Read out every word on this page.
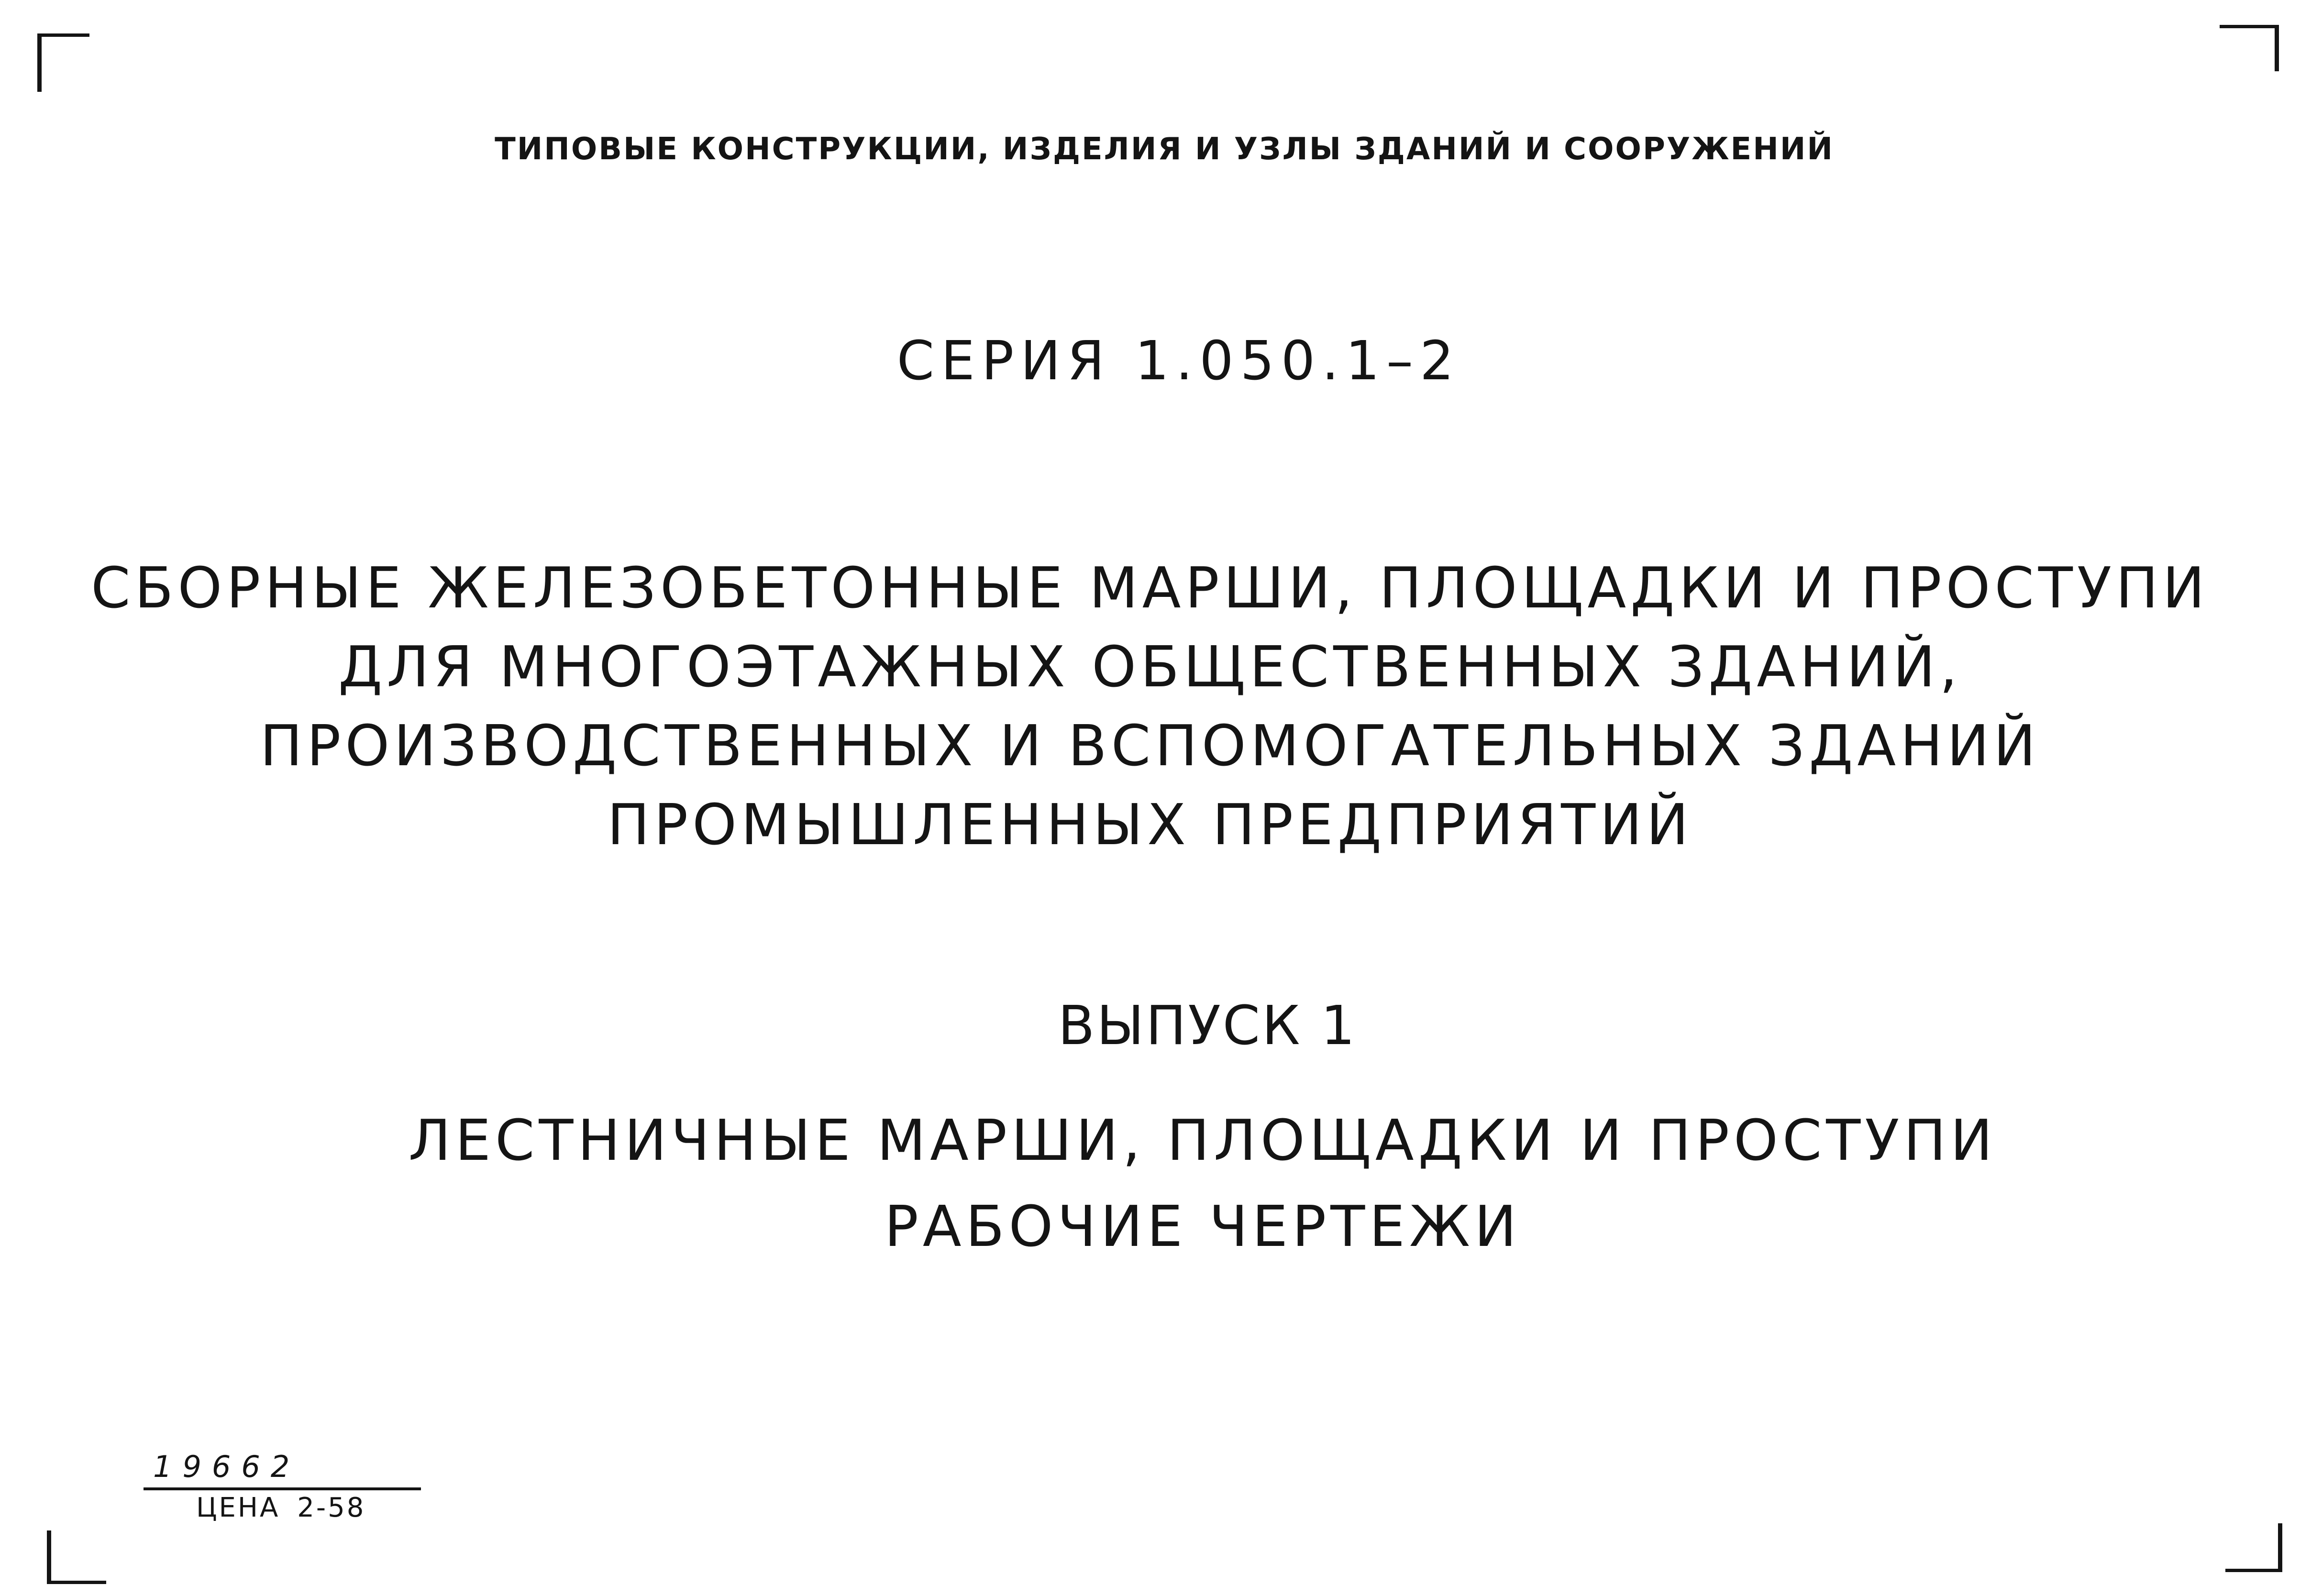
ТИПОВЫЕ КОНСТРУКЦИИ, ИЗДЕЛИЯ И УЗЛЫ ЗДАНИЙ И СООРУЖЕНИЙ
СЕРИЯ 1.050.1–2
СБОРНЫЕ ЖЕЛЕЗОБЕТОННЫЕ МАРШИ, ПЛОЩАДКИ И ПРОСТУПИ
ДЛЯ МНОГОЭТАЖНЫХ ОБЩЕСТВЕННЫХ ЗДАНИЙ,
ПРОИЗВОДСТВЕННЫХ И ВСПОМОГАТЕЛЬНЫХ ЗДАНИЙ
ПРОМЫШЛЕННЫХ ПРЕДПРИЯТИЙ
ВЫПУСК 1
ЛЕСТНИЧНЫЕ МАРШИ, ПЛОЩАДКИ И ПРОСТУПИ
РАБОЧИЕ ЧЕРТЕЖИ
19662
ЦЕНА 2-58
